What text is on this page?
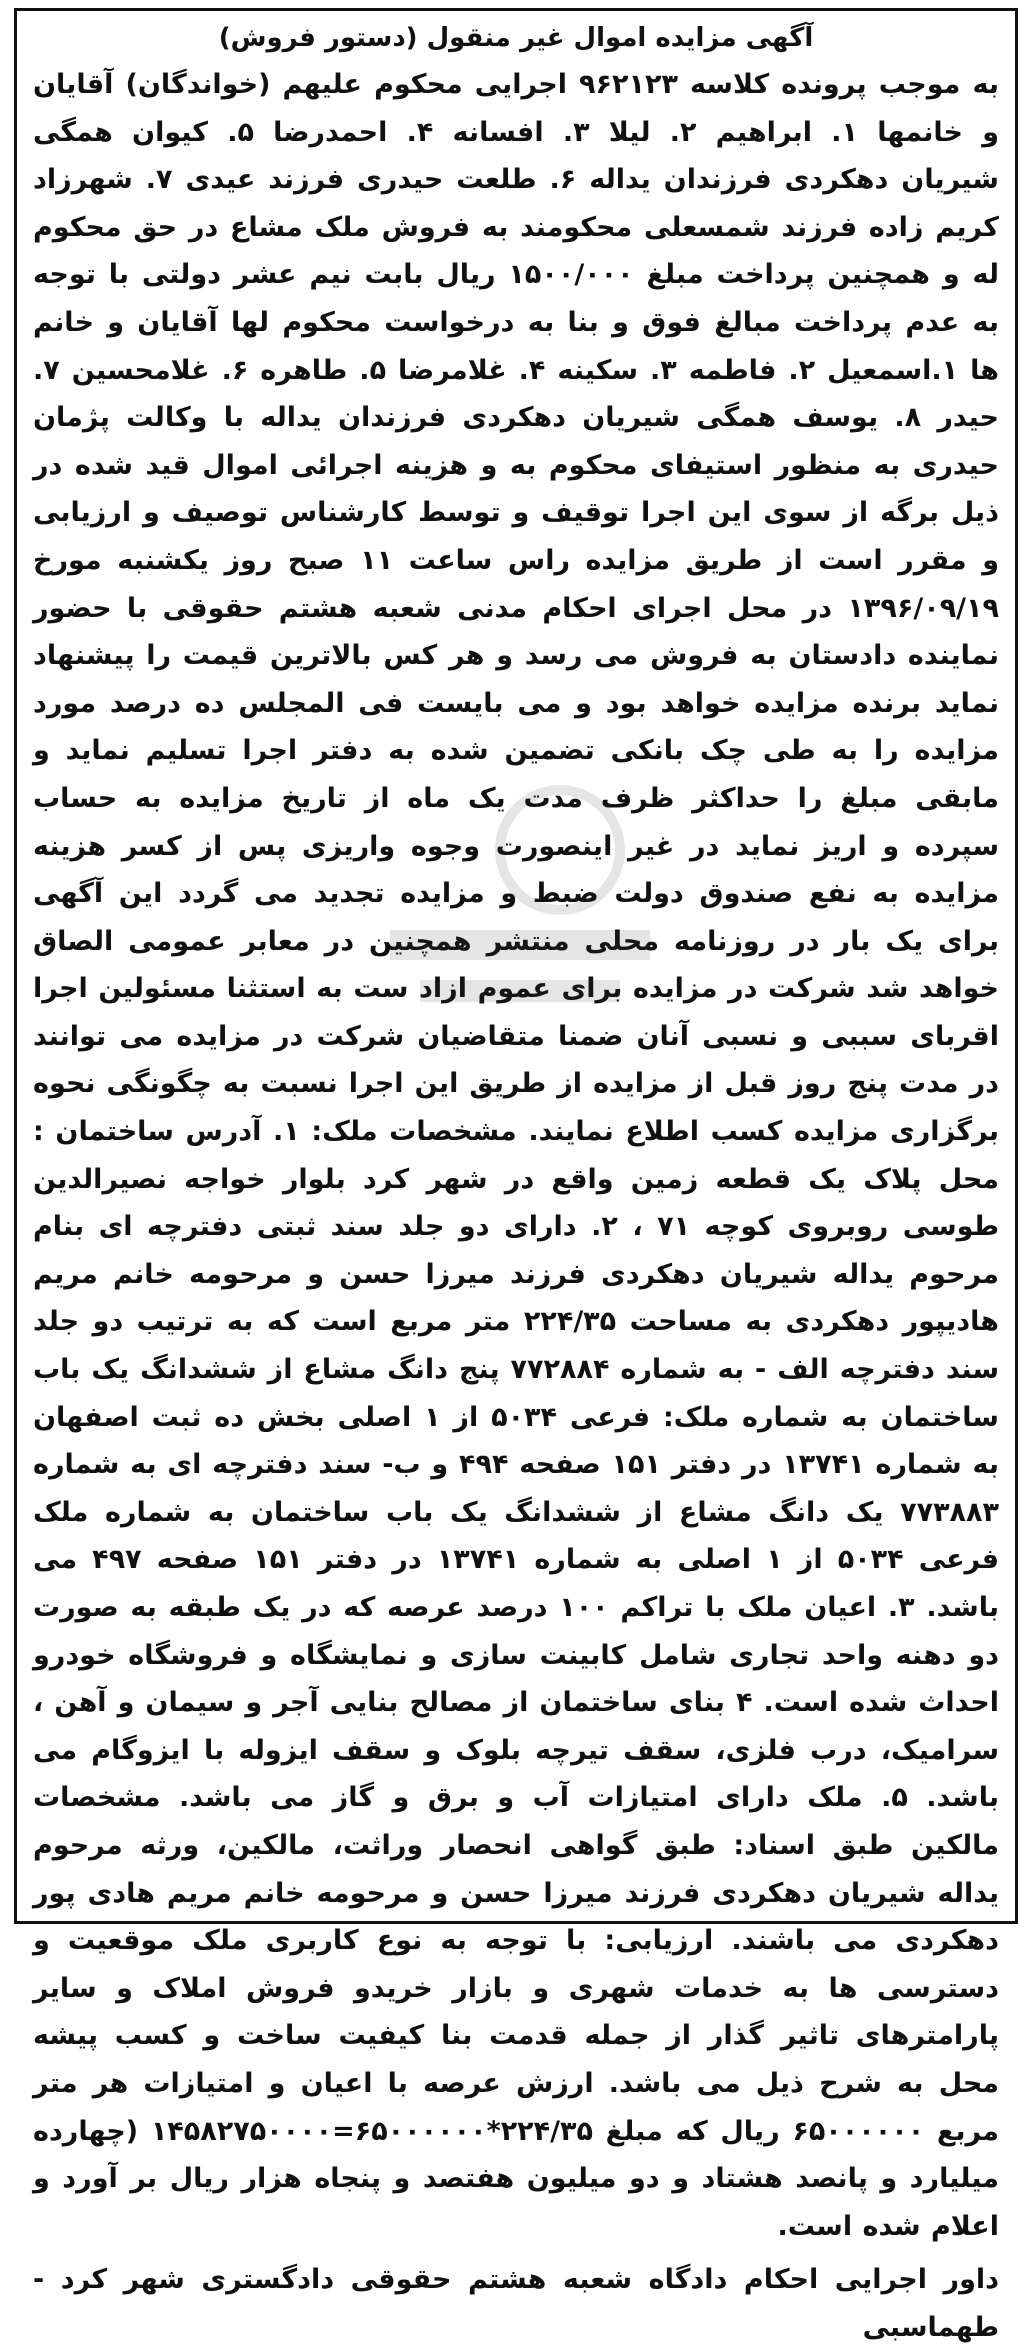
آگهی مزایده اموال غیر منقول (دستور فروش)

به موجب پرونده کلاسه ۹۶۲۱۲۳ اجرایی محکوم علیهم (خواندگان) آقایان و خانمها ۱. ابراهیم ۲. لیلا ۳. افسانه ۴. احمدرضا ۵. کیوان همگی شیریان دهکردی فرزندان یداله ۶. طلعت حیدری فرزند عیدی ۷. شهرزاد کریم زاده فرزند شمسعلی محکومند به فروش ملک مشاع در حق محکوم له و همچنین پرداخت مبلغ ۱۵۰۰/۰۰۰ ریال بابت نیم عشر دولتی با توجه به عدم پرداخت مبالغ فوق و بنا به درخواست محکوم لها آقایان و خانم ها ۱.اسمعیل ۲. فاطمه ۳. سکینه ۴. غلامرضا ۵. طاهره ۶. غلامحسین ۷. حیدر ۸. یوسف همگی شیریان دهکردی فرزندان یداله با وکالت پژمان حیدری به منظور استیفای محکوم به و هزینه اجرائی اموال قید شده در ذیل برگه از سوی این اجرا توقیف و توسط کارشناس توصیف و ارزیابی و مقرر است از طریق مزایده راس ساعت ۱۱ صبح روز یکشنبه مورخ ۱۳۹۶/۰۹/۱۹ در محل اجرای احکام مدنی شعبه هشتم حقوقی با حضور نماینده دادستان به فروش می رسد و هر کس بالاترین قیمت را پیشنهاد نماید برنده مزایده خواهد بود و می بایست فی المجلس ده درصد مورد مزایده را به طی چک بانکی تضمین شده به دفتر اجرا تسلیم نماید و مابقی مبلغ را حداکثر ظرف مدت یک ماه از تاریخ مزایده به حساب سپرده و اریز نماید در غیر اینصورت وجوه واریزی پس از کسر هزینه مزایده به نفع صندوق دولت ضبط و مزایده تجدید می گردد این آگهی برای یک بار در روزنامه محلی منتشر همچنین در معابر عمومی الصاق خواهد شد شرکت در مزایده برای عموم ازاد ست به استثنا مسئولین اجرا اقربای سببی و نسبی آنان ضمنا متقاضیان شرکت در مزایده می توانند در مدت پنج روز قبل از مزایده از طریق این اجرا نسبت به چگونگی نحوه برگزاری مزایده کسب اطلاع نمایند. مشخصات ملک: ۱. آدرس ساختمان : محل پلاک یک قطعه زمین واقع در شهر کرد بلوار خواجه نصیرالدین طوسی روبروی کوچه ۷۱ ، ۲. دارای دو جلد سند ثبتی دفترچه ای بنام مرحوم یداله شیریان دهکردی فرزند میرزا حسن و مرحومه خانم مریم هادیپور دهکردی به مساحت ۲۲۴/۳۵ متر مربع است که به ترتیب دو جلد سند دفترچه الف - به شماره ۷۷۲۸۸۴ پنج دانگ مشاع از ششدانگ یک باب ساختمان به شماره ملک: فرعی ۵۰۳۴ از ۱ اصلی بخش ده ثبت اصفهان به شماره ۱۳۷۴۱ در دفتر ۱۵۱ صفحه ۴۹۴ و ب- سند دفترچه ای به شماره ۷۷۳۸۸۳ یک دانگ مشاع از ششدانگ یک باب ساختمان به شماره ملک فرعی ۵۰۳۴ از ۱ اصلی به شماره ۱۳۷۴۱ در دفتر ۱۵۱ صفحه ۴۹۷ می باشد. ۳. اعیان ملک با تراکم ۱۰۰ درصد عرصه که در یک طبقه به صورت دو دهنه واحد تجاری شامل کابینت سازی و نمایشگاه و فروشگاه خودرو احداث شده است. ۴ بنای ساختمان از مصالح بنایی آجر و سیمان و آهن ، سرامیک، درب فلزی، سقف تیرچه بلوک و سقف ایزوله با ایزوگام می باشد. ۵. ملک دارای امتیازات آب و برق و گاز می باشد. مشخصات مالکین طبق اسناد: طبق گواهی انحصار وراثت، مالکین، ورثه مرحوم یداله شیریان دهکردی فرزند میرزا حسن و مرحومه خانم مریم هادی پور دهکردی می باشند. ارزیابی: با توجه به نوع کاربری ملک موقعیت و دسترسی ها به خدمات شهری و بازار خریدو فروش املاک و سایر پارامترهای تاثیر گذار از جمله قدمت بنا کیفیت ساخت و کسب پیشه محل به شرح ذیل می باشد. ارزش عرصه با اعیان و امتیازات هر متر مربع ۶۵۰۰۰۰۰۰ ریال که مبلغ ۲۲۴/۳۵*۶۵۰۰۰۰۰۰=۱۴۵۸۲۷۵۰۰۰۰ (چهارده میلیارد و پانصد هشتاد و دو میلیون هفتصد و پنجاه هزار ریال بر آورد و اعلام شده است.

داور اجرایی احکام دادگاه شعبه هشتم حقوقی دادگستری شهر کرد - طهماسبی
